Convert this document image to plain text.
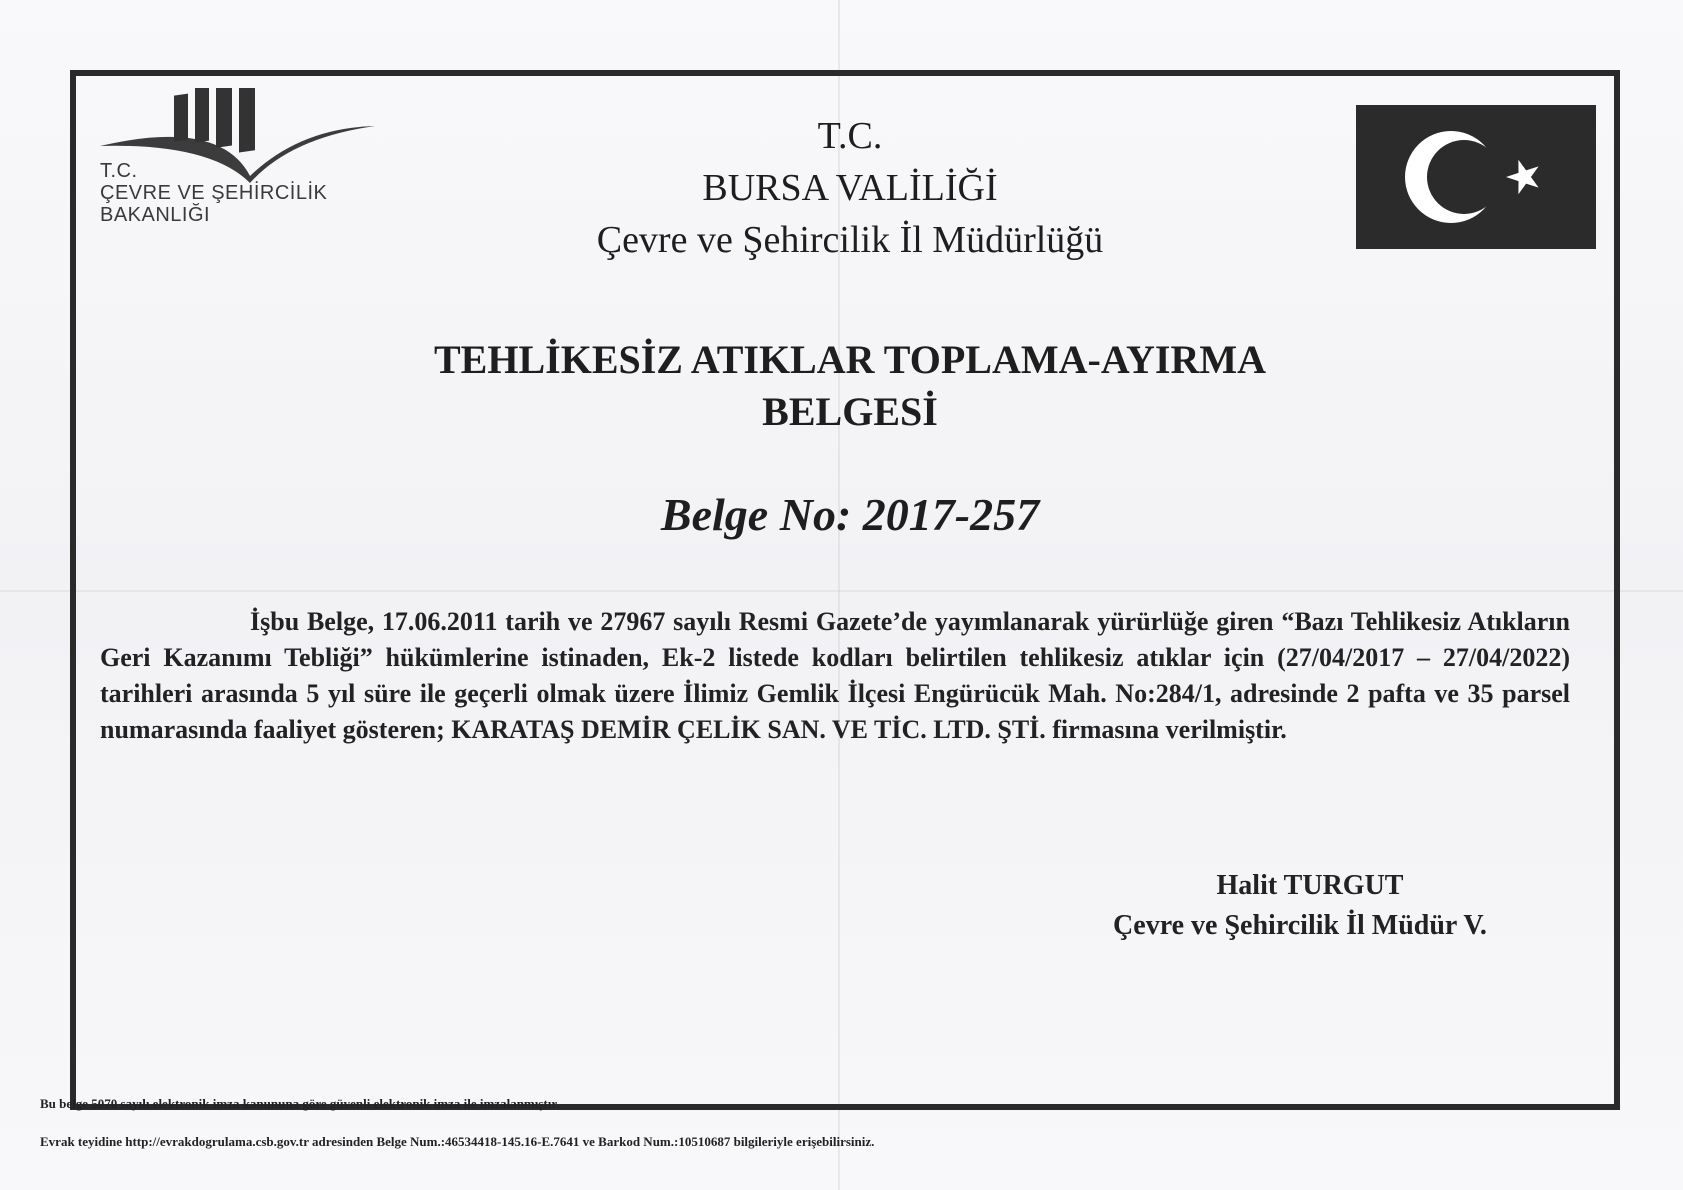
T.C.
ÇEVRE VE ŞEHİRCİLİK
BAKANLIĞI
T.C.
BURSA VALİLİĞİ
Çevre ve Şehircilik İl Müdürlüğü
TEHLİKESİZ ATIKLAR TOPLAMA-AYIRMA
BELGESİ
Belge No: 2017-257
İşbu Belge, 17.06.2011 tarih ve 27967 sayılı Resmi Gazete’de yayımlanarak yürürlüğe giren “Bazı Tehlikesiz Atıkların Geri Kazanımı Tebliği” hükümlerine istinaden, Ek-2 listede kodları belirtilen tehlikesiz atıklar için (27/04/2017 – 27/04/2022) tarihleri arasında 5 yıl süre ile geçerli olmak üzere İlimiz Gemlik İlçesi Engürücük Mah. No:284/1, adresinde 2 pafta ve 35 parsel numarasında faaliyet gösteren; KARATAŞ DEMİR ÇELİK SAN. VE TİC. LTD. ŞTİ. firmasına verilmiştir.
Halit TURGUT
Çevre ve Şehircilik İl Müdür V.
Bu belge 5070 sayılı elektronik imza kanununa göre güvenli elektronik imza ile imzalanmıştır.
Evrak teyidine http://evrakdogrulama.csb.gov.tr adresinden Belge Num.:46534418-145.16-E.7641 ve Barkod Num.:10510687 bilgileriyle erişebilirsiniz.
